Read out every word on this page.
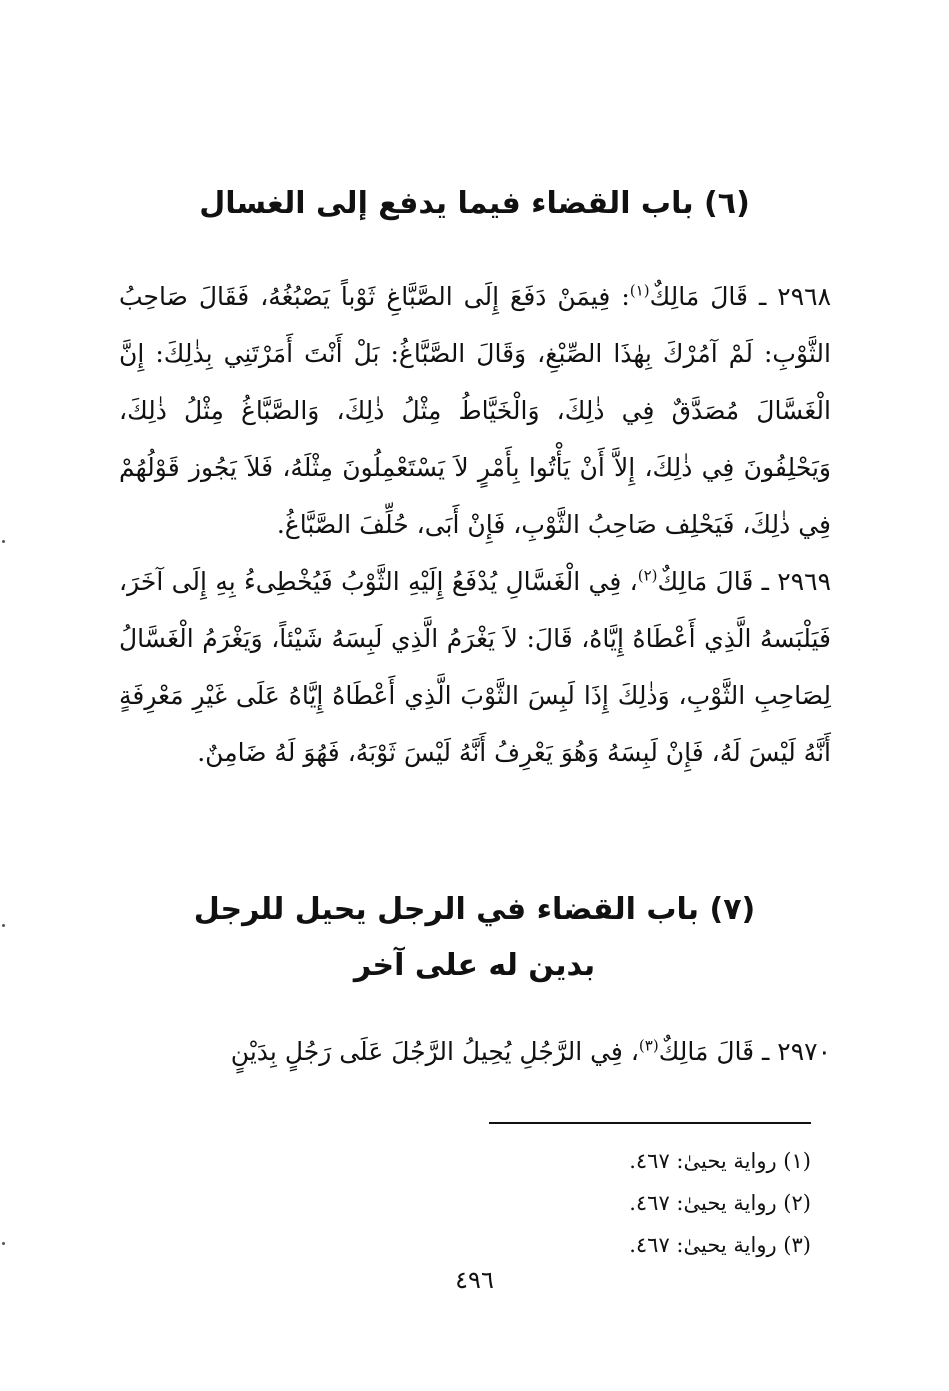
(٦) باب القضاء فيما يدفع إلى الغسال

٢٩٦٨ ـ قَالَ مَالِكٌ$^{(١)}$: فِيمَنْ دَفَعَ إِلَى الصَّبَّاغِ ثَوْباً يَصْبُغُهُ، فَقَالَ صَاحِبُ الثَّوْبِ: لَمْ آمُرْكَ بِهٰذَا الصِّبْغِ، وَقَالَ الصَّبَّاغُ: بَلْ أَنْتَ أَمَرْتَنِي بِذٰلِكَ: إِنَّ الْغَسَّالَ مُصَدَّقٌ فِي ذٰلِكَ، وَالْخَيَّاطُ مِثْلُ ذٰلِكَ، وَالصَّبَّاغُ مِثْلُ ذٰلِكَ، وَيَحْلِفُونَ فِي ذٰلِكَ، إِلاَّ أَنْ يَأْتُوا بِأَمْرٍ لاَ يَسْتَعْمِلُونَ مِثْلَهُ، فَلاَ يَجُوز قَوْلُهُمْ فِي ذٰلِكَ، فَيَحْلِف صَاحِبُ الثَّوْبِ، فَإِنْ أَبَى، حُلِّفَ الصَّبَّاغُ.

٢٩٦٩ ـ قَالَ مَالِكٌ$^{(٢)}$، فِي الْغَسَّالِ يُدْفَعُ إِلَيْهِ الثَّوْبُ فَيُخْطِىءُ بِهِ إِلَى آخَرَ، فَيَلْبَسهُ الَّذِي أَعْطَاهُ إِيَّاهُ، قَالَ: لاَ يَغْرَمُ الَّذِي لَبِسَهُ شَيْئاً، وَيَغْرَمُ الْغَسَّالُ لِصَاحِبِ الثَّوْبِ، وَذٰلِكَ إِذَا لَبِسَ الثَّوْبَ الَّذِي أَعْطَاهُ إِيَّاهُ عَلَى غَيْرِ مَعْرِفَةٍ أَنَّهُ لَيْسَ لَهُ، فَإِنْ لَبِسَهُ وَهُوَ يَعْرِفُ أَنَّهُ لَيْسَ ثَوْبَهُ، فَهُوَ لَهُ ضَامِنٌ.

(٧) باب القضاء في الرجل يحيل للرجل
بدين له على آخر

٢٩٧٠ ـ قَالَ مَالِكٌ$^{(٣)}$، فِي الرَّجُلِ يُحِيلُ الرَّجُلَ عَلَى رَجُلٍ بِدَيْنٍ

(١) رواية يحيىٰ: ٤٦٧.
(٢) رواية يحيىٰ: ٤٦٧.
(٣) رواية يحيىٰ: ٤٦٧.
٤٩٦
